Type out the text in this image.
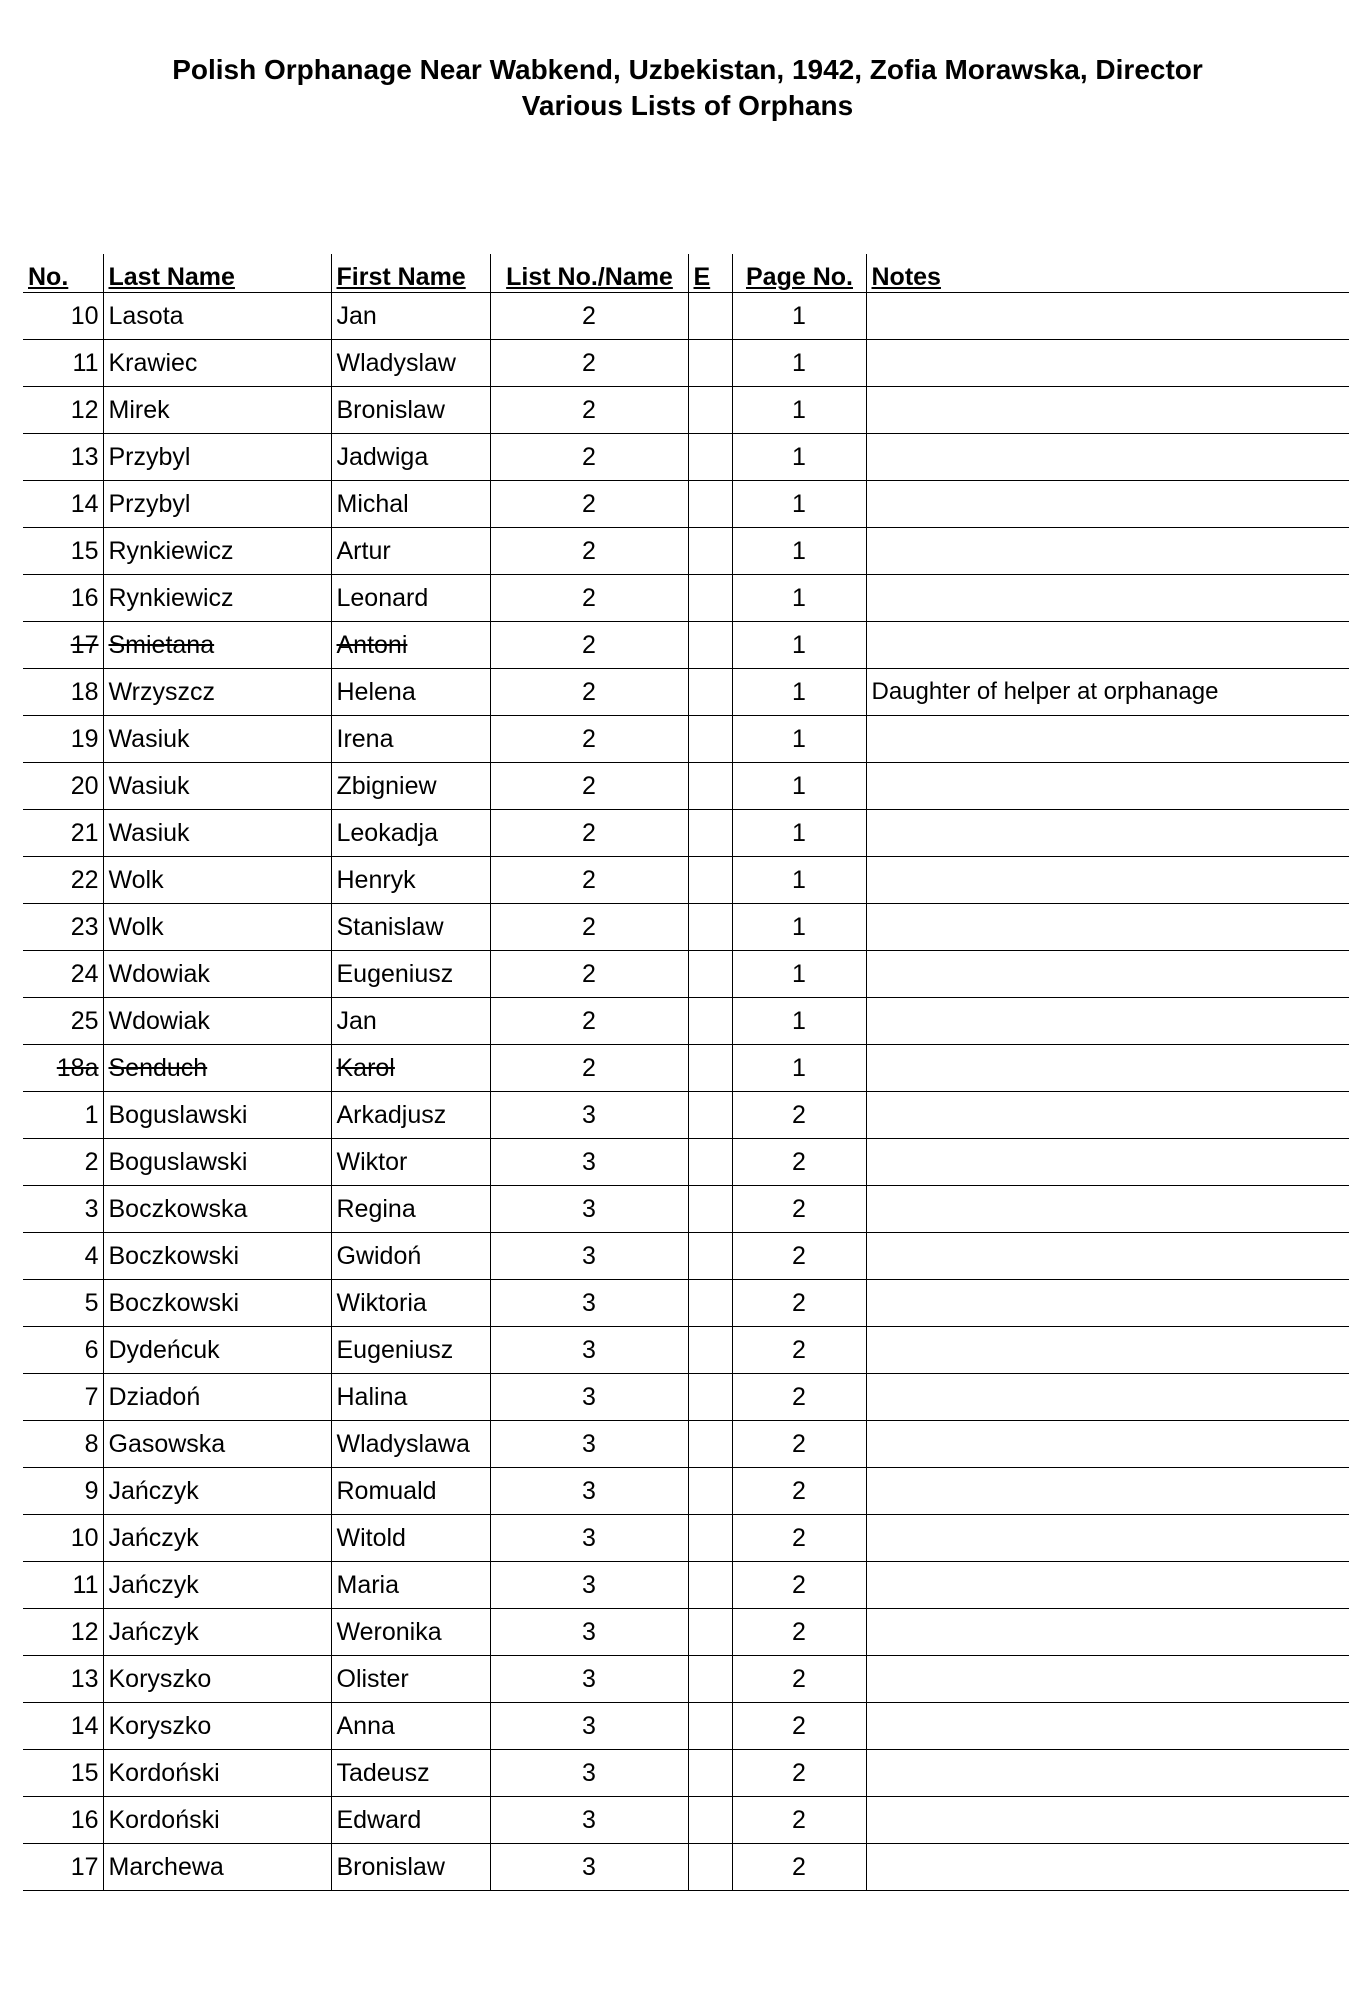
Polish Orphanage Near Wabkend, Uzbekistan, 1942, Zofia Morawska, Director
Various Lists of Orphans
No.	Last Name	First Name	List No./Name	E	Page No.	Notes
10	Lasota	Jan	2		1	
11	Krawiec	Wladyslaw	2		1	
12	Mirek	Bronislaw	2		1	
13	Przybyl	Jadwiga	2		1	
14	Przybyl	Michal	2		1	
15	Rynkiewicz	Artur	2		1	
16	Rynkiewicz	Leonard	2		1	
17	Smietana	Antoni	2		1	
18	Wrzyszcz	Helena	2		1	Daughter of helper at orphanage
19	Wasiuk	Irena	2		1	
20	Wasiuk	Zbigniew	2		1	
21	Wasiuk	Leokadja	2		1	
22	Wolk	Henryk	2		1	
23	Wolk	Stanislaw	2		1	
24	Wdowiak	Eugeniusz	2		1	
25	Wdowiak	Jan	2		1	
18a	Senduch	Karol	2		1	
1	Boguslawski	Arkadjusz	3		2	
2	Boguslawski	Wiktor	3		2	
3	Boczkowska	Regina	3		2	
4	Boczkowski	Gwidoń	3		2	
5	Boczkowski	Wiktoria	3		2	
6	Dydeńcuk	Eugeniusz	3		2	
7	Dziadoń	Halina	3		2	
8	Gasowska	Wladyslawa	3		2	
9	Jańczyk	Romuald	3		2	
10	Jańczyk	Witold	3		2	
11	Jańczyk	Maria	3		2	
12	Jańczyk	Weronika	3		2	
13	Koryszko	Olister	3		2	
14	Koryszko	Anna	3		2	
15	Kordoński	Tadeusz	3		2	
16	Kordoński	Edward	3		2	
17	Marchewa	Bronislaw	3		2	
